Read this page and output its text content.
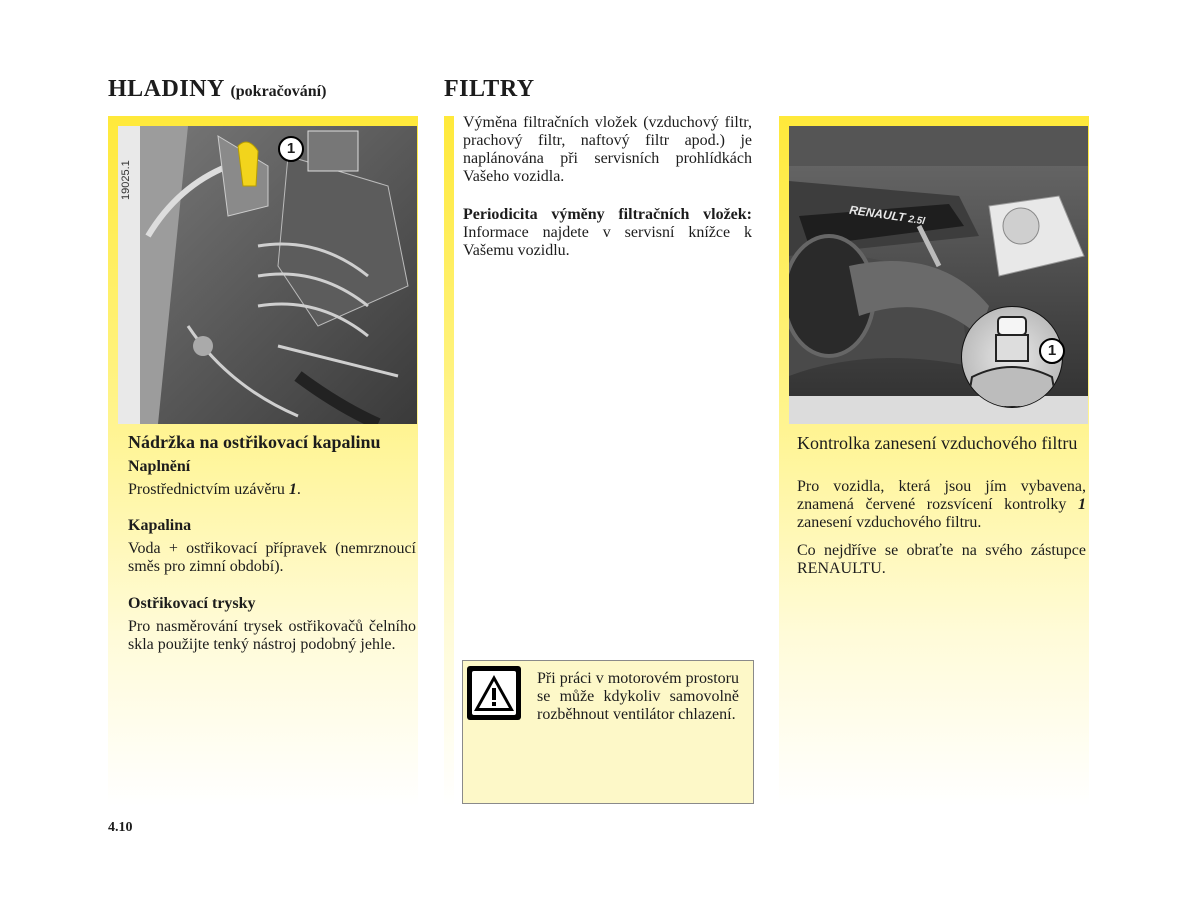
HLADINY (pokračování)
19025.1
1
Nádržka na ostřikovací kapalinu
Naplnění
Prostřednictvím uzávěru 1.
Kapalina
Voda + ostřikovací přípravek (nemrznoucí směs pro zimní období).
Ostřikovací trysky
Pro nasměrování trysek ostřikovačů čelního skla použijte tenký nástroj podobný jehle.
FILTRY
Výměna filtračních vložek (vzduchový filtr, prachový filtr, naftový filtr apod.) je naplánována při servisních prohlídkách Vašeho vozidla.
Periodicita výměny filtračních vložek: Informace najdete v servisní knížce k Vašemu vozidlu.
Při práci v motorovém prostoru se může kdykoliv samovolně rozběhnout ventilátor chlazení.
RENAULT 2.5l
1
Kontrolka zanesení vzduchového filtru
Pro vozidla, která jsou jím vybavena, znamená červené rozsvícení kontrolky 1 zanesení vzduchového filtru.
Co nejdříve se obraťte na svého zástupce RENAULTU.
4.10
